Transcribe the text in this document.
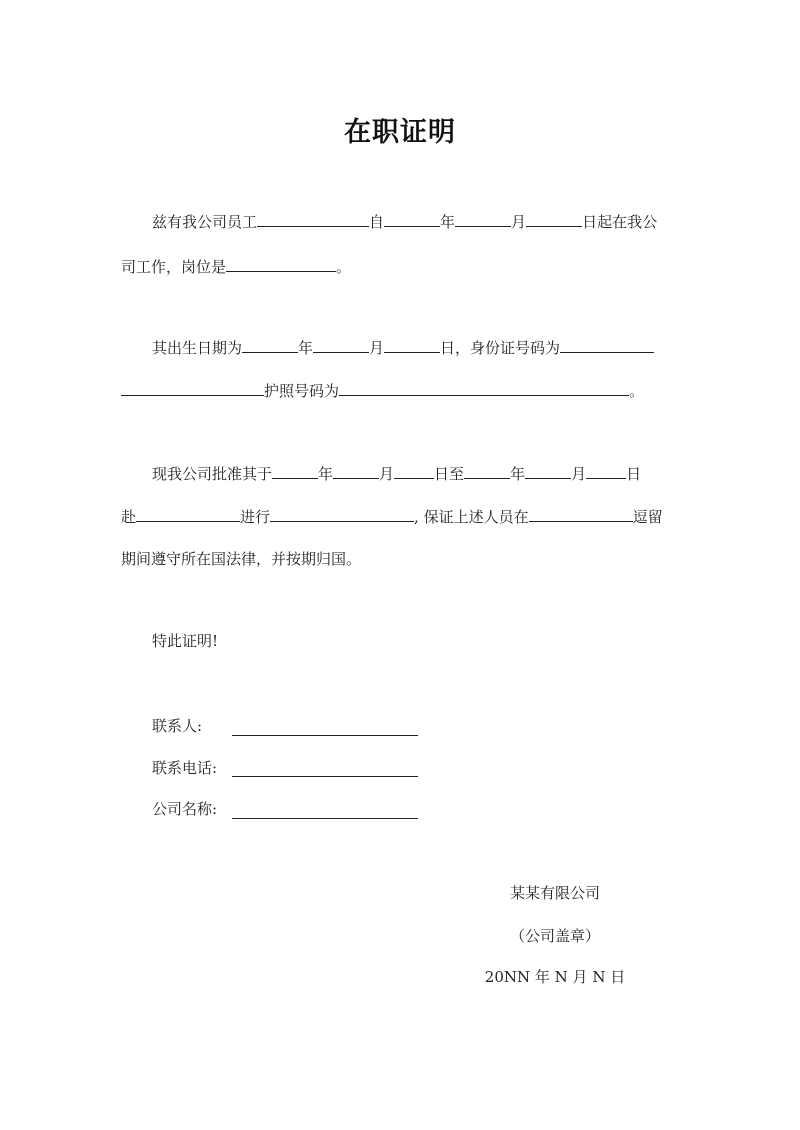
在职证明
兹有我公司员工	自	年	月	日起在我公
司工作，岗位是	。
其出生日期为	年	月	日，身份证号码为
护照号码为	。
现我公司批准其于	年	月	日至	年	月	日
赴	进行	, 保证上述人员在	逗留
期间遵守所在国法律，并按期归国。
特此证明!
联系人:
联系电话:
公司名称:
某某有限公司
（公司盖章）
20NN 年 N 月 N 日
